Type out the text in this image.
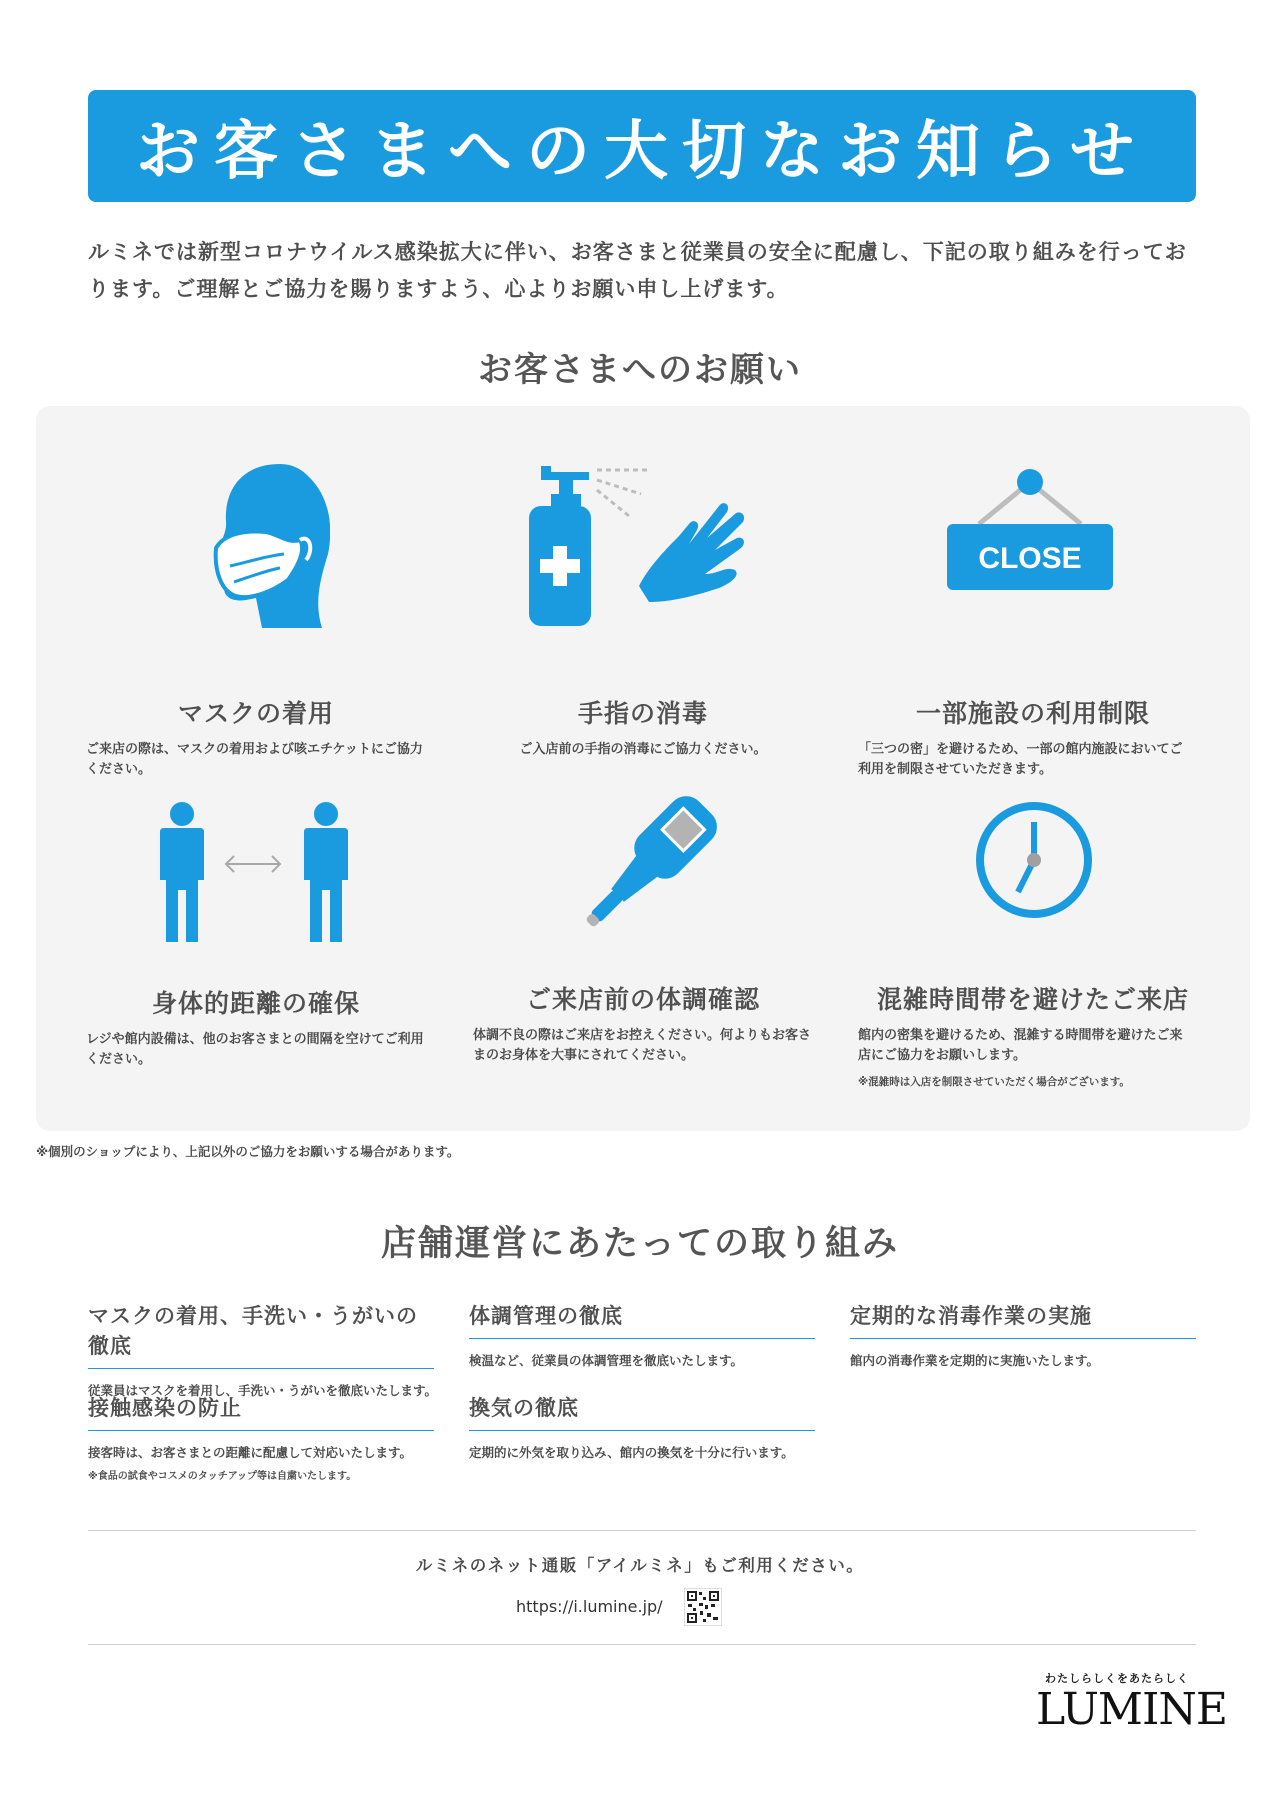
お客さまへの大切なお知らせ
ルミネでは新型コロナウイルス感染拡大に伴い、お客さまと従業員の安全に配慮し、下記の取り組みを行っております。ご理解とご協力を賜りますよう、心よりお願い申し上げます。
お客さまへのお願い
マスクの着用
ご来店の際は、マスクの着用および咳エチケットにご協力ください。
手指の消毒
ご入店前の手指の消毒にご協力ください。
CLOSE
一部施設の利用制限
「三つの密」を避けるため、一部の館内施設においてご利用を制限させていただきます。
身体的距離の確保
レジや館内設備は、他のお客さまとの間隔を空けてご利用ください。
ご来店前の体調確認
体調不良の際はご来店をお控えください。何よりもお客さまのお身体を大事にされてください。
混雑時間帯を避けたご来店
館内の密集を避けるため、混雑する時間帯を避けたご来店にご協力をお願いします。
※混雑時は入店を制限させていただく場合がございます。
※個別のショップにより、上記以外のご協力をお願いする場合があります。
店舗運営にあたっての取り組み
マスクの着用、手洗い・うがいの徹底
従業員はマスクを着用し、手洗い・うがいを徹底いたします。
体調管理の徹底
検温など、従業員の体調管理を徹底いたします。
定期的な消毒作業の実施
館内の消毒作業を定期的に実施いたします。
接触感染の防止
接客時は、お客さまとの距離に配慮して対応いたします。
※食品の試食やコスメのタッチアップ等は自粛いたします。
換気の徹底
定期的に外気を取り込み、館内の換気を十分に行います。
ルミネのネット通販「アイルミネ」もご利用ください。
https://i.lumine.jp/
わたしらしくをあたらしく
LUMINE
